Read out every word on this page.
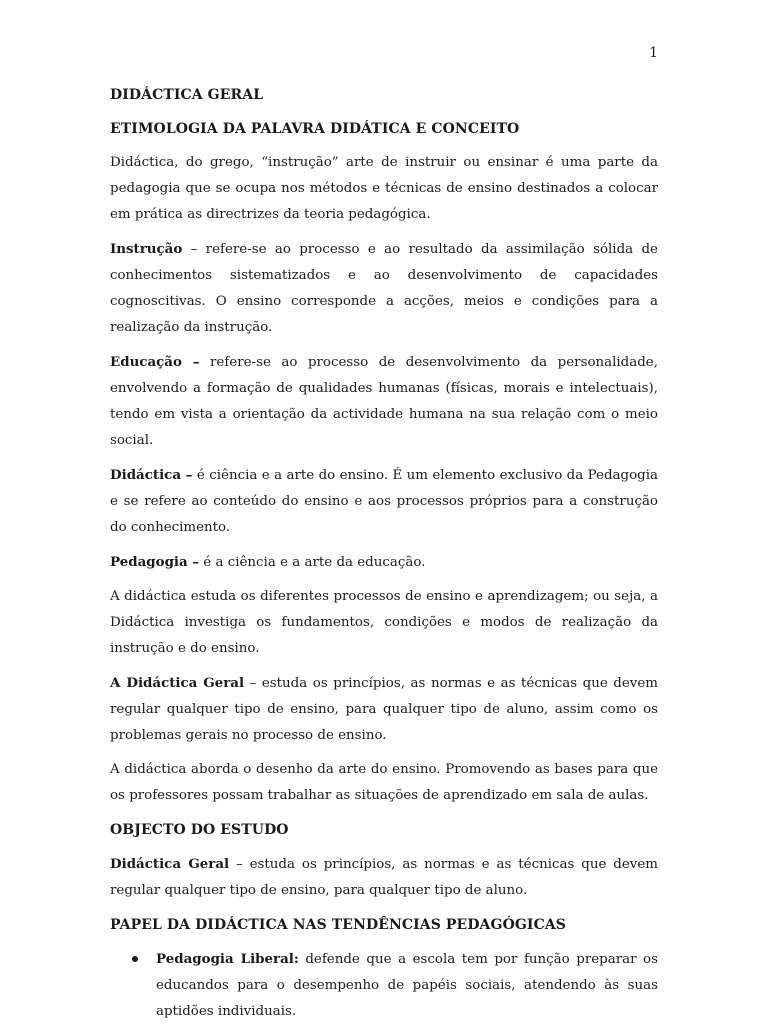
1
DIDÁCTICA GERAL
ETIMOLOGIA DA PALAVRA DIDÁTICA E CONCEITO

Didáctica, do grego, “instrução” arte de instruir ou ensinar é uma parte da pedagogia que se ocupa nos métodos e técnicas de ensino destinados a colocar em prática as directrizes da teoria pedagógica.

Instrução – refere-se ao processo e ao resultado da assimilação sólida de conhecimentos sistematizados e ao desenvolvimento de capacidades cognoscitivas. O ensino corresponde a acções, meios e condições para a realização da instrução.

Educação – refere-se ao processo de desenvolvimento da personalidade, envolvendo a formação de qualidades humanas (físicas, morais e intelectuais), tendo em vista a orientação da actividade humana na sua relação com o meio social.

Didáctica – é ciência e a arte do ensino. É um elemento exclusivo da Pedagogia e se refere ao conteúdo do ensino e aos processos próprios para a construção do conhecimento.

Pedagogia – é a ciência e a arte da educação.

A didáctica estuda os diferentes processos de ensino e aprendizagem; ou seja, a Didáctica investiga os fundamentos, condições e modos de realização da instrução e do ensino.

A Didáctica Geral – estuda os princípios, as normas e as técnicas que devem regular qualquer tipo de ensino, para qualquer tipo de aluno, assim como os problemas gerais no processo de ensino.

A didáctica aborda o desenho da arte do ensino. Promovendo as bases para que os professores possam trabalhar as situações de aprendizado em sala de aulas.

OBJECTO DO ESTUDO

Didáctica Geral – estuda os princípios, as normas e as técnicas que devem regular qualquer tipo de ensino, para qualquer tipo de aluno.

PAPEL DA DIDÁCTICA NAS TENDÊNCIAS PEDAGÓGICAS
Pedagogia Liberal: defende que a escola tem por função preparar os educandos para o desempenho de papéis sociais, atendendo às suas aptidões individuais.
